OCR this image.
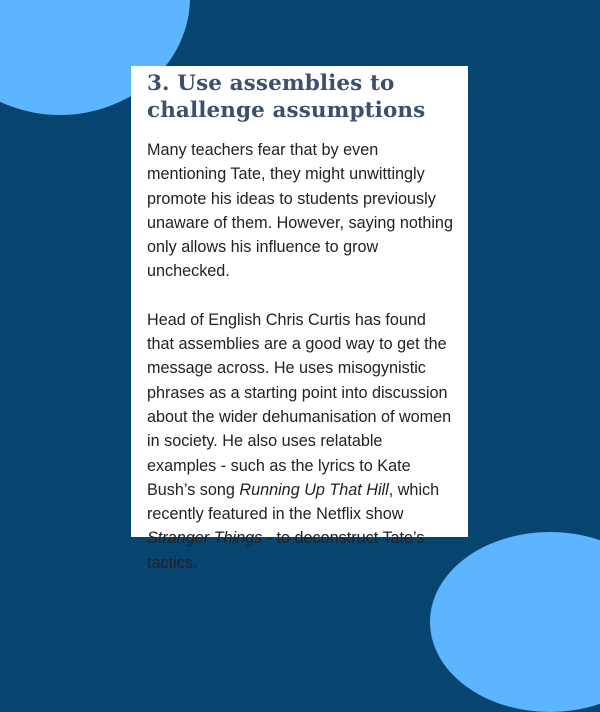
3. Use assemblies to challenge assumptions

Many teachers fear that by even mentioning Tate, they might unwittingly promote his ideas to students previously unaware of them. However, saying nothing only allows his influence to grow unchecked.

Head of English Chris Curtis has found that assemblies are a good way to get the message across. He uses misogynistic phrases as a starting point into discussion about the wider dehumanisation of women in society. He also uses relatable examples - such as the lyrics to Kate Bush’s song Running Up That Hill, which recently featured in the Netflix show Stranger Things - to deconstruct Tate’s tactics.
